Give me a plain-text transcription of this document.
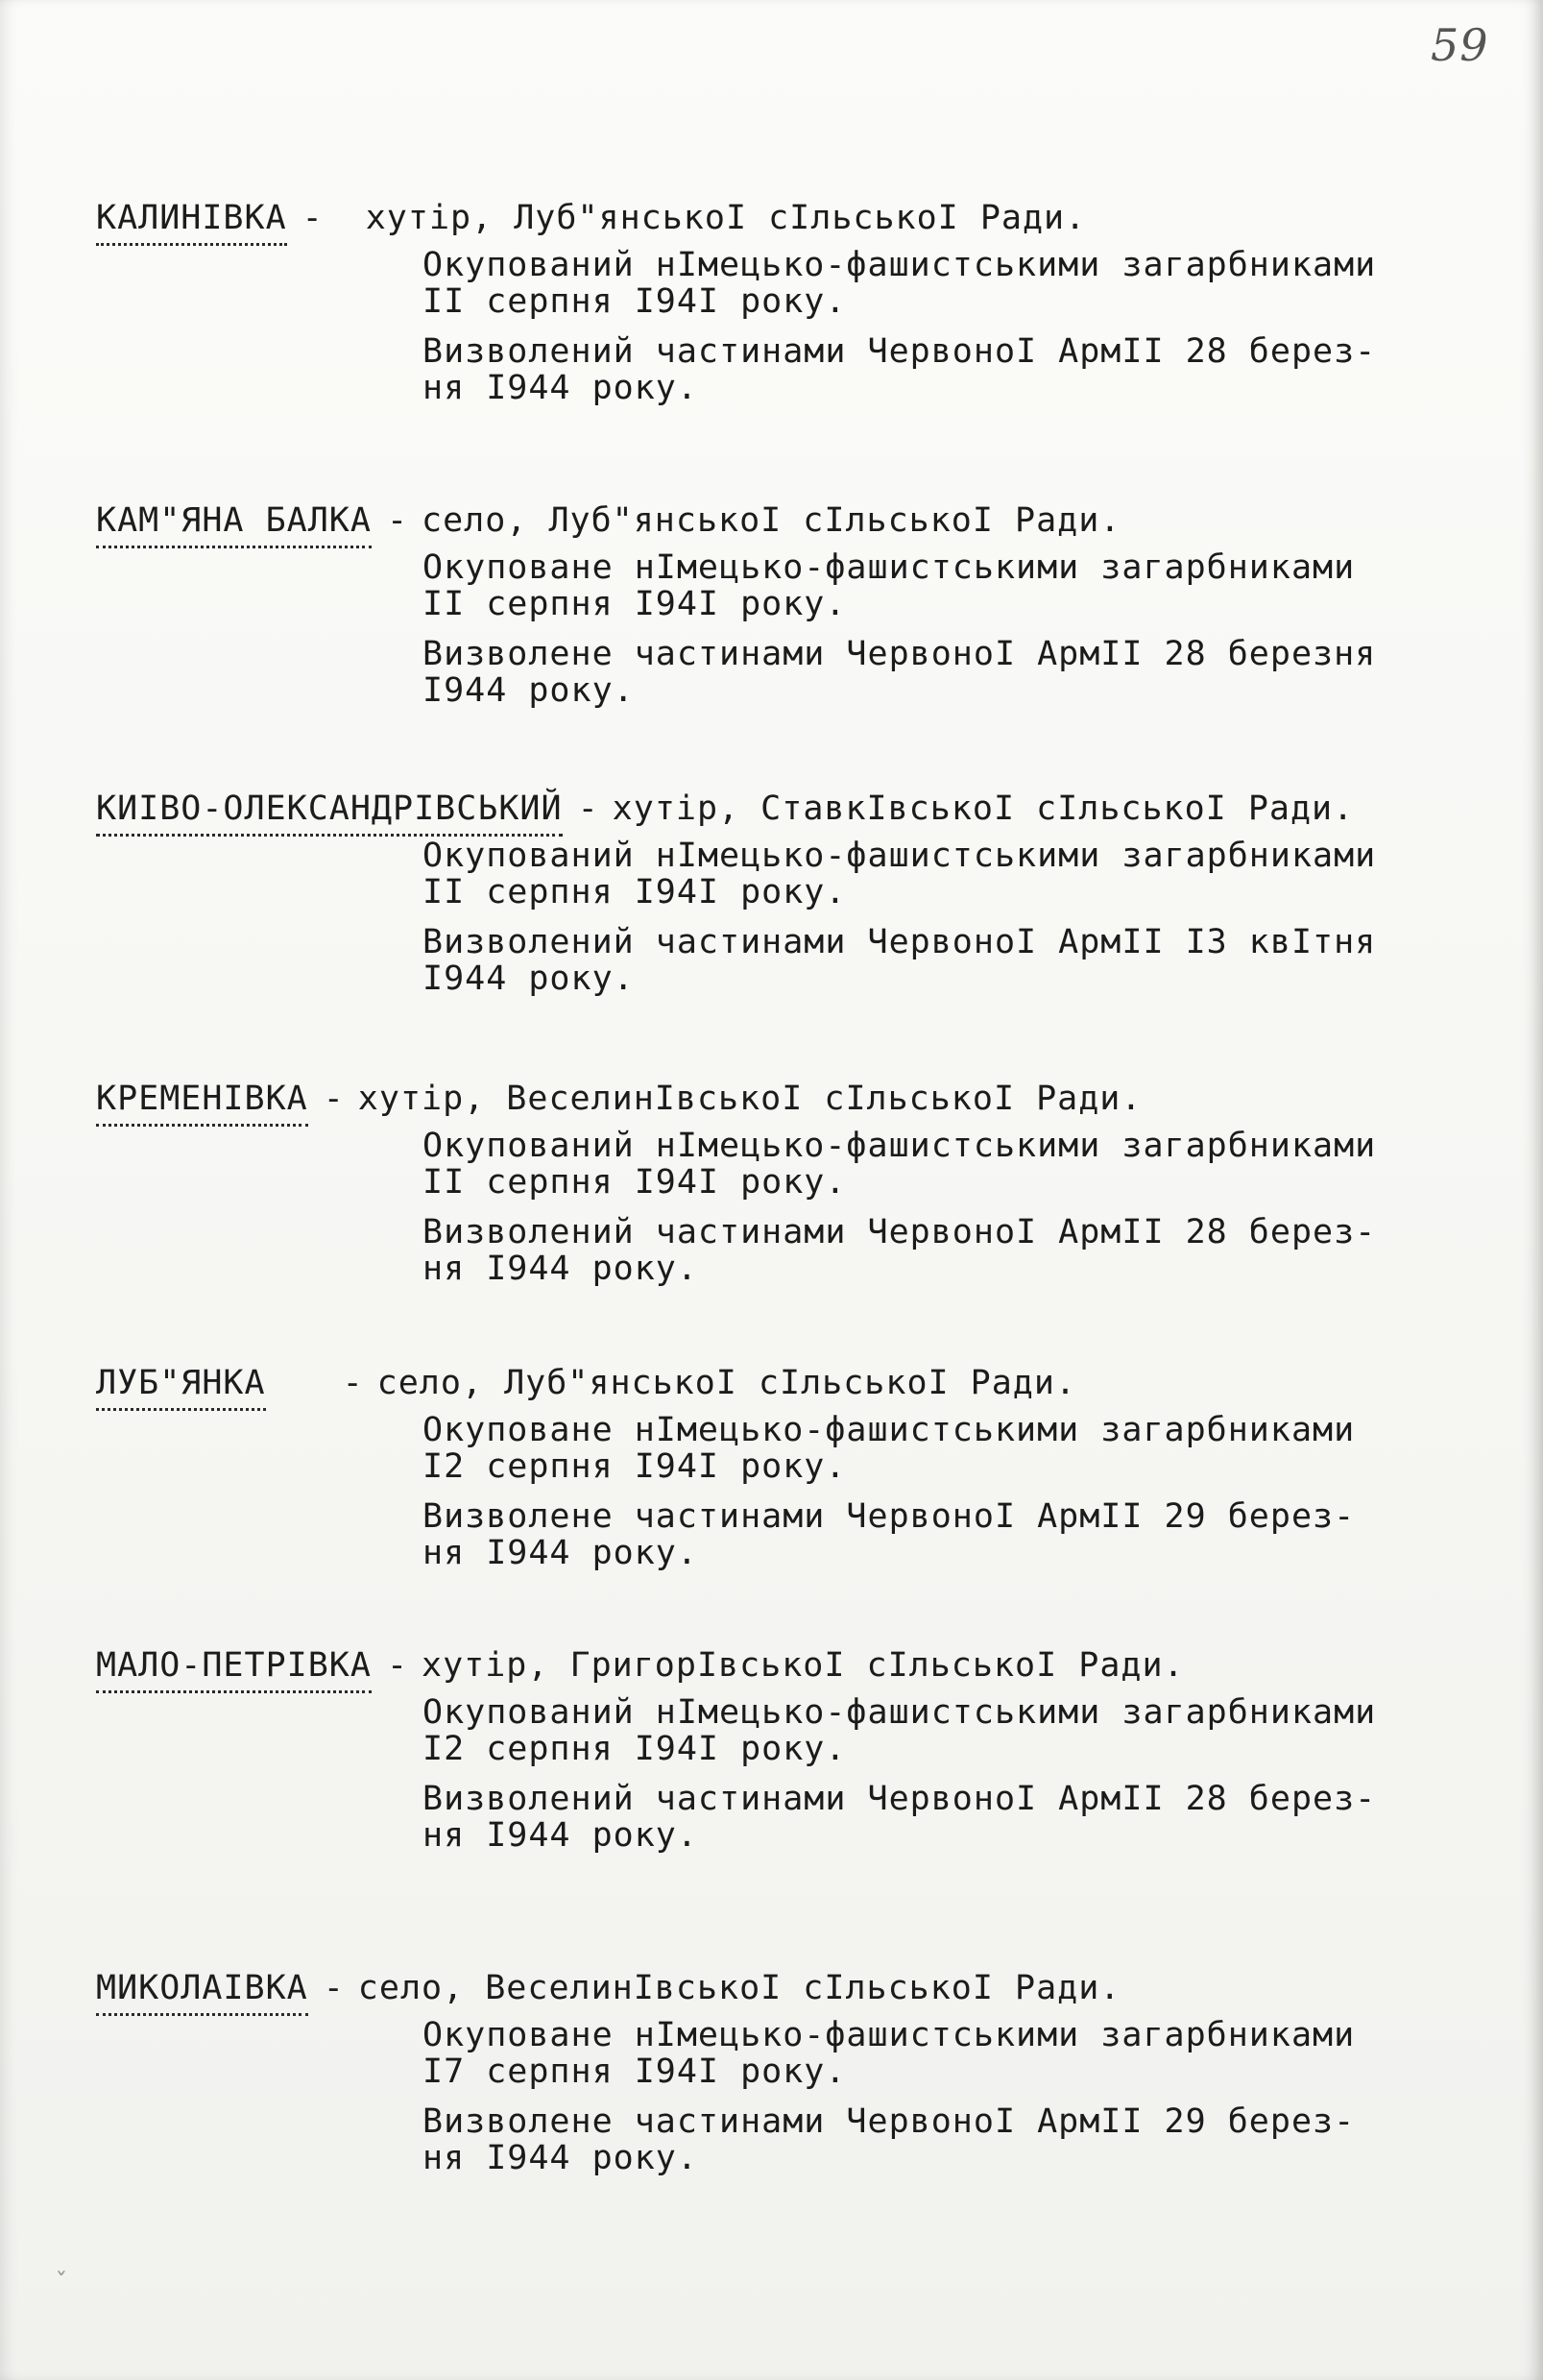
59
КАЛИНІВКА - хутір, Луб"янськоІ сІльськоІ Ради.

Окупований нІмецько-фашистськими загарбниками
ІІ серпня І94І року.

Визволений частинами ЧервоноІ АрмІІ 28 берез-
ня І944 року.

КАМ"ЯНА БАЛКА - село, Луб"янськоІ сІльськоІ Ради.

Окуповане нІмецько-фашистськими загарбниками
ІІ серпня І94І року.

Визволене частинами ЧервоноІ АрмІІ 28 березня
І944 року.

КИІВО-ОЛЕКСАНДРІВСЬКИЙ - хутір, СтавкІвськоІ сІльськоІ Ради.

Окупований нІмецько-фашистськими загарбниками
ІІ серпня І94І року.

Визволений частинами ЧервоноІ АрмІІ ІЗ квІтня
І944 року.

КРЕМЕНІВКА - хутір, ВеселинІвськоІ сІльськоІ Ради.

Окупований нІмецько-фашистськими загарбниками
ІІ серпня І94І року.

Визволений частинами ЧервоноІ АрмІІ 28 берез-
ня І944 року.

ЛУБ"ЯНКА - село, Луб"янськоІ сІльськоІ Ради.

Окуповане нІмецько-фашистськими загарбниками
І2 серпня І94І року.

Визволене частинами ЧервоноІ АрмІІ 29 берез-
ня І944 року.

МАЛО-ПЕТРІВКА - хутір, ГригорІвськоІ сІльськоІ Ради.

Окупований нІмецько-фашистськими загарбниками
І2 серпня І94І року.

Визволений частинами ЧервоноІ АрмІІ 28 берез-
ня І944 року.

МИКОЛАІВКА - село, ВеселинІвськоІ сІльськоІ Ради.

Окуповане нІмецько-фашистськими загарбниками
І7 серпня І94І року.

Визволене частинами ЧервоноІ АрмІІ 29 берез-
ня І944 року.

ˇ
